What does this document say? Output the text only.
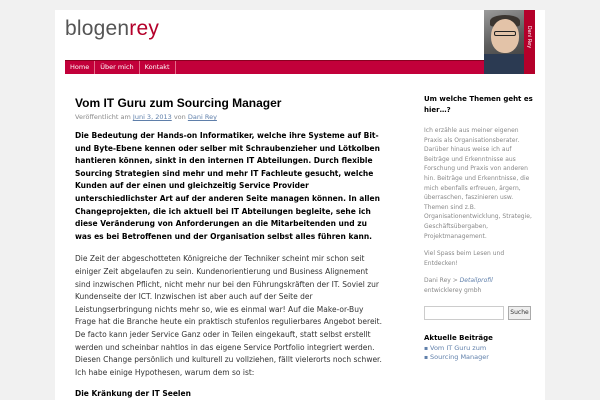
blogenrey	Dani Rey
Home	Über mich	Kontakt
Vom IT Guru zum Sourcing Manager
Veröffentlicht am Juni 3, 2013 von Dani Rey

Die Bedeutung der Hands-on Informatiker, welche ihre Systeme auf Bit- und Byte-Ebene kennen oder selber mit Schraubenzieher und Lötkolben hantieren können, sinkt in den internen IT Abteilungen. Durch flexible Sourcing Strategien sind mehr und mehr IT Fachleute gesucht, welche Kunden auf der einen und gleichzeitig Service Provider unterschiedlichster Art auf der anderen Seite managen können. In allen Changeprojekten, die ich aktuell bei IT Abteilungen begleite, sehe ich diese Veränderung von Anforderungen an die Mitarbeitenden und zu was es bei Betroffenen und der Organisation selbst alles führen kann.

Die Zeit der abgeschotteten Königreiche der Techniker scheint mir schon seit einiger Zeit abgelaufen zu sein. Kundenorientierung und Business Alignement sind inzwischen Pflicht, nicht mehr nur bei den Führungskräften der IT. Soviel zur Kundenseite der ICT. Inzwischen ist aber auch auf der Seite der Leistungserbringung nichts mehr so, wie es einmal war! Auf die Make-or-Buy Frage hat die Branche heute ein praktisch stufenlos regulierbares Angebot bereit. De facto kann jeder Service Ganz oder in Teilen eingekauft, statt selbst erstellt werden und scheinbar nahtlos in das eigene Service Portfolio integriert werden. Diesen Change persönlich und kulturell zu vollziehen, fällt vielerorts noch schwer. Ich habe einige Hypothesen, warum dem so ist:

Die Kränkung der IT Seelen

Um welche Themen geht es hier…?

Ich erzähle aus meiner eigenen Praxis als Organisationsberater. Darüber hinaus weise ich auf Beiträge und Erkenntnisse aus Forschung und Praxis von anderen hin. Beiträge und Erkenntnisse, die mich ebenfalls erfreuen, ärgern, überraschen, faszinieren usw. Themen sind z.B. Organisationentwicklung, Strategie, Geschäftsübergaben, Projektmanagement.

Viel Spass beim Lesen und Entdecken!

Dani Rey > Detailprofil
entwicklerey gmbh

Suche
Aktuelle Beiträge
▪ Vom IT Guru zum
▪ Sourcing Manager
